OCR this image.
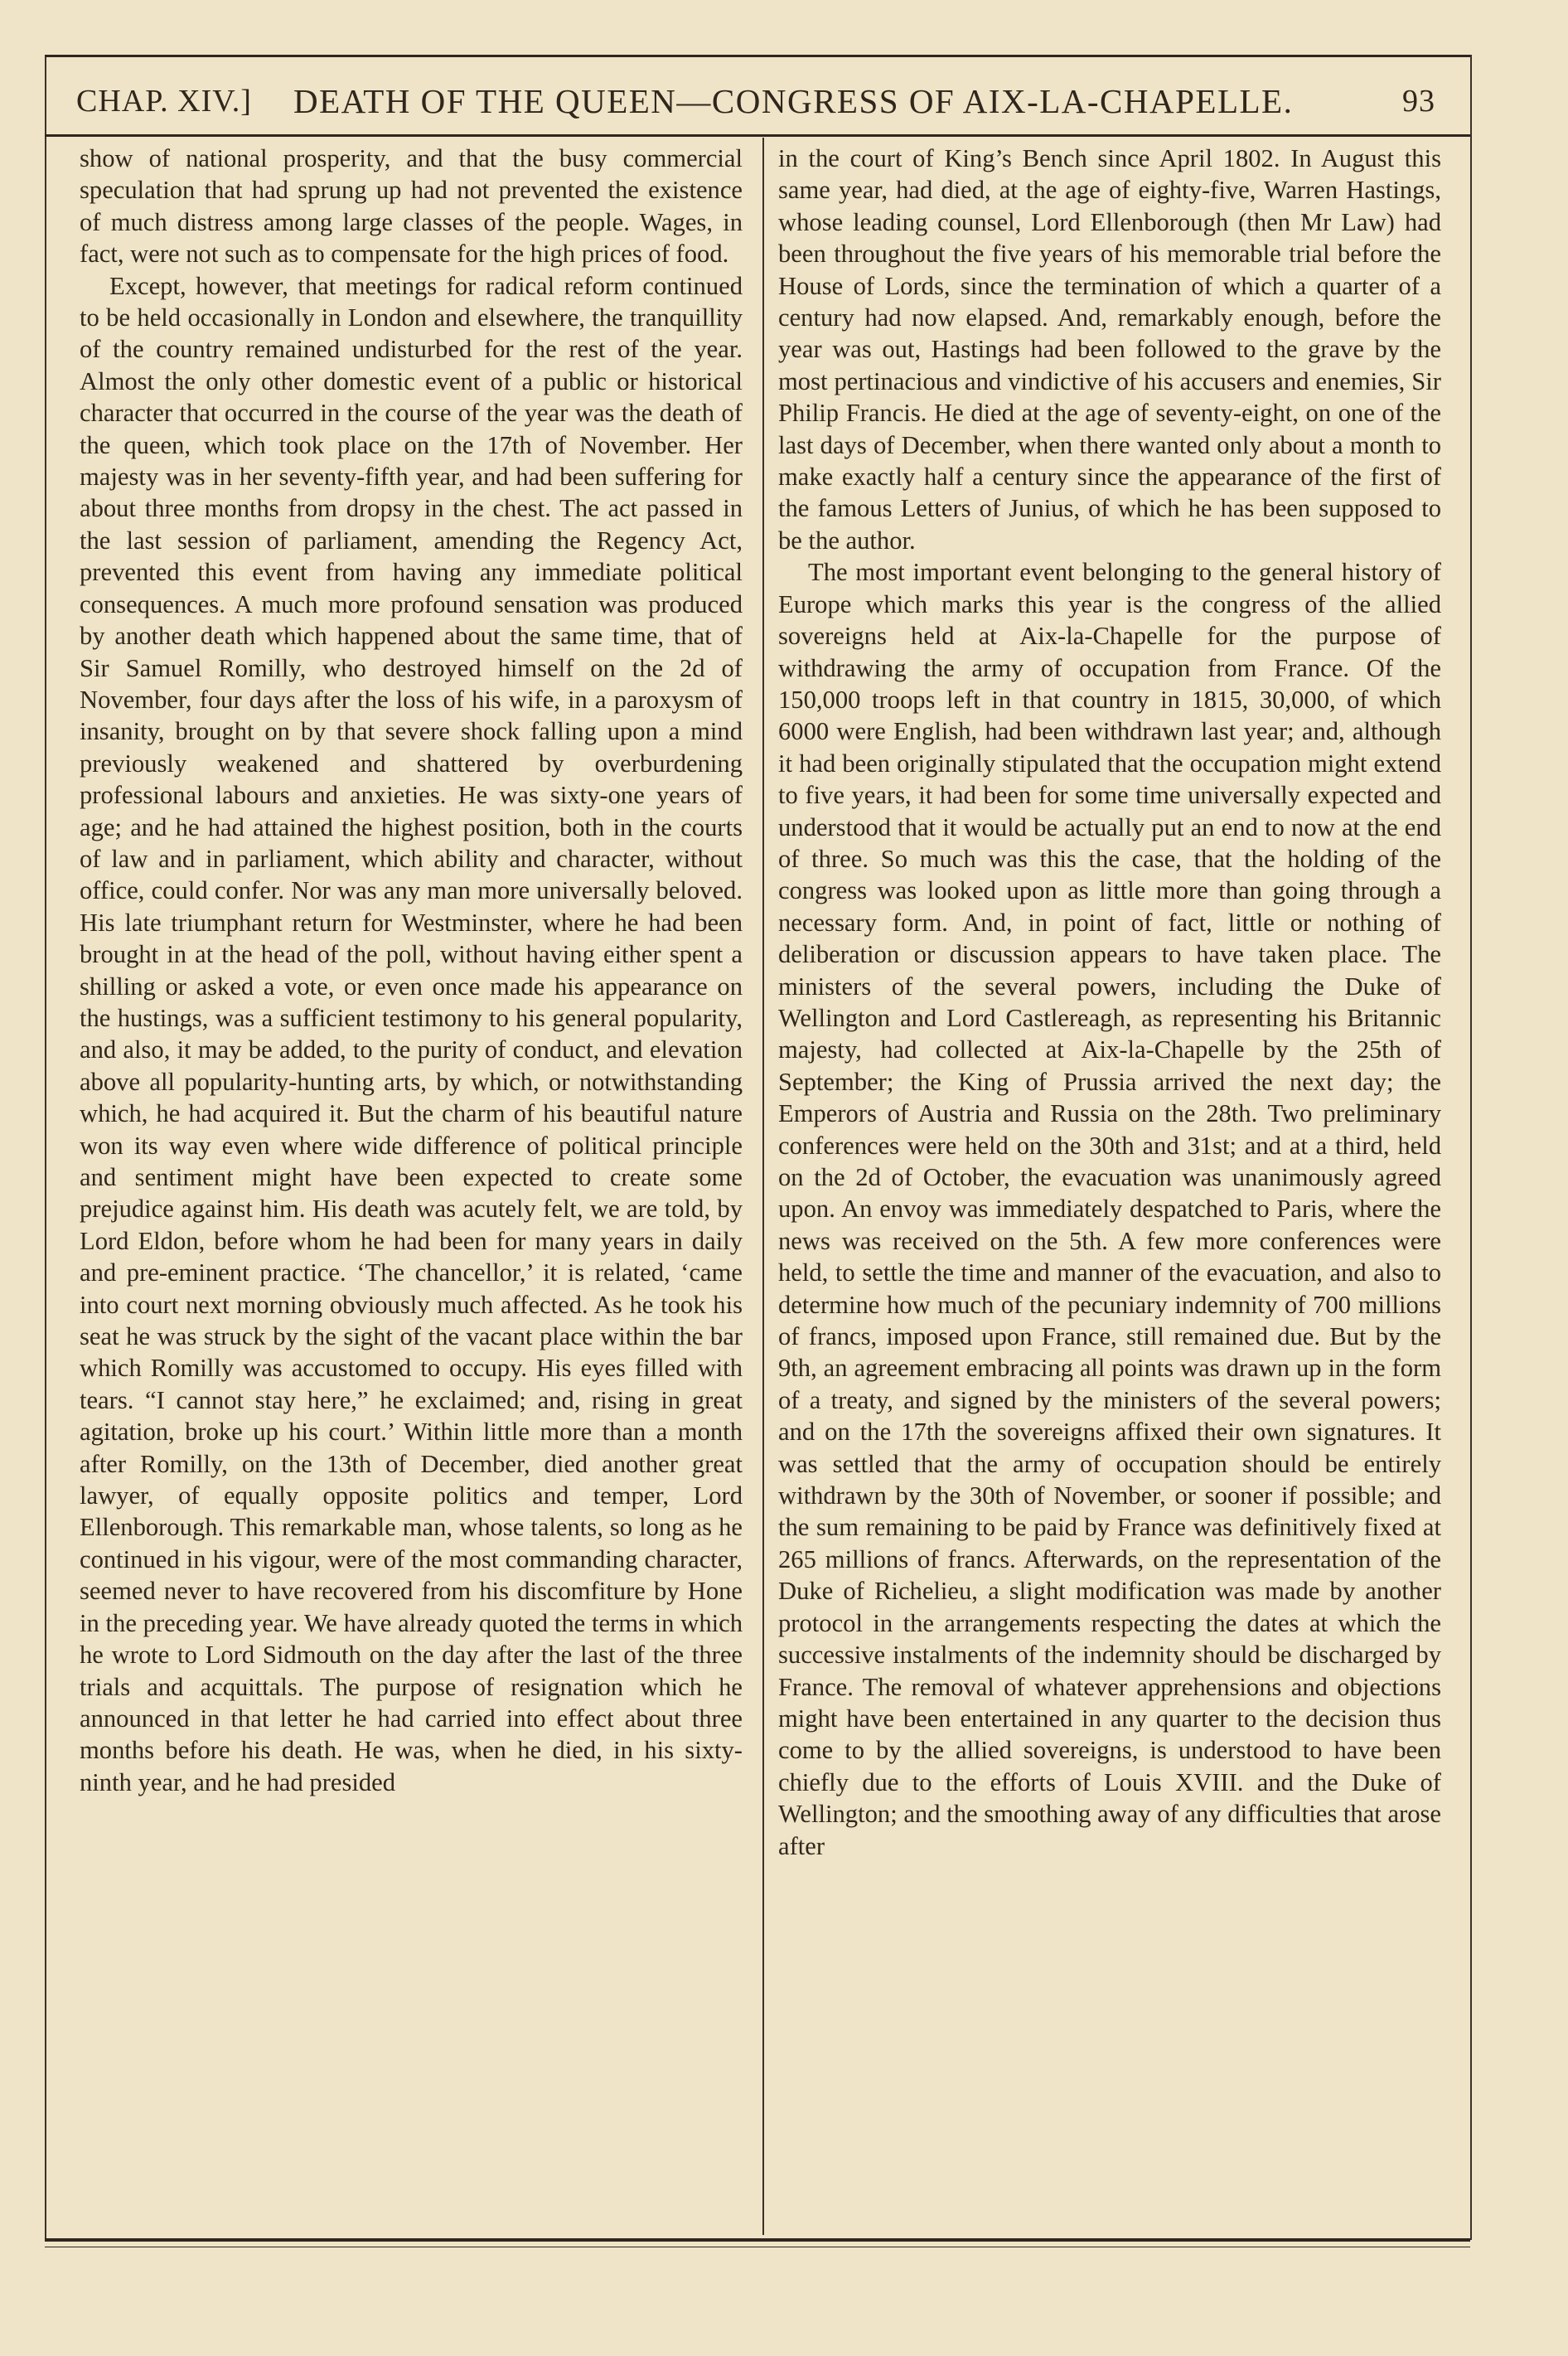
CHAP. XIV.] DEATH OF THE QUEEN—CONGRESS OF AIX-LA-CHAPELLE.	93

show of national prosperity, and that the busy commercial speculation that had sprung up had not prevented the existence of much distress among large classes of the people. Wages, in fact, were not such as to compensate for the high prices of food.

Except, however, that meetings for radical reform continued to be held occasionally in London and elsewhere, the tranquillity of the country remained undisturbed for the rest of the year. Almost the only other domestic event of a public or historical character that occurred in the course of the year was the death of the queen, which took place on the 17th of November. Her majesty was in her seventy-fifth year, and had been suffering for about three months from dropsy in the chest. The act passed in the last session of parliament, amending the Regency Act, prevented this event from having any immediate political consequences. A much more profound sensation was produced by another death which happened about the same time, that of Sir Samuel Romilly, who destroyed himself on the 2d of November, four days after the loss of his wife, in a paroxysm of insanity, brought on by that severe shock falling upon a mind previously weakened and shattered by overburdening professional labours and anxieties. He was sixty-one years of age; and he had attained the highest position, both in the courts of law and in parliament, which ability and character, without office, could confer. Nor was any man more universally beloved. His late triumphant return for Westminster, where he had been brought in at the head of the poll, without having either spent a shilling or asked a vote, or even once made his appearance on the hustings, was a sufficient testimony to his general popularity, and also, it may be added, to the purity of conduct, and elevation above all popularity-hunting arts, by which, or notwithstanding which, he had acquired it. But the charm of his beautiful nature won its way even where wide difference of political principle and sentiment might have been expected to create some prejudice against him. His death was acutely felt, we are told, by Lord Eldon, before whom he had been for many years in daily and pre-eminent practice. ‘The chancellor,’ it is related, ‘came into court next morning obviously much affected. As he took his seat he was struck by the sight of the vacant place within the bar which Romilly was accustomed to occupy. His eyes filled with tears. “I cannot stay here,” he exclaimed; and, rising in great agitation, broke up his court.’ Within little more than a month after Romilly, on the 13th of December, died another great lawyer, of equally opposite politics and temper, Lord Ellenborough. This remarkable man, whose talents, so long as he continued in his vigour, were of the most commanding character, seemed never to have recovered from his discomfiture by Hone in the preceding year. We have already quoted the terms in which he wrote to Lord Sidmouth on the day after the last of the three trials and acquittals. The purpose of resignation which he announced in that letter he had carried into effect about three months before his death. He was, when he died, in his sixty-ninth year, and he had presided

in the court of King’s Bench since April 1802. In August this same year, had died, at the age of eighty-five, Warren Hastings, whose leading counsel, Lord Ellenborough (then Mr Law) had been throughout the five years of his memorable trial before the House of Lords, since the termination of which a quarter of a century had now elapsed. And, remarkably enough, before the year was out, Hastings had been followed to the grave by the most pertinacious and vindictive of his accusers and enemies, Sir Philip Francis. He died at the age of seventy-eight, on one of the last days of December, when there wanted only about a month to make exactly half a century since the appearance of the first of the famous Letters of Junius, of which he has been supposed to be the author.

The most important event belonging to the general history of Europe which marks this year is the congress of the allied sovereigns held at Aix-la-Chapelle for the purpose of withdrawing the army of occupation from France. Of the 150,000 troops left in that country in 1815, 30,000, of which 6000 were English, had been withdrawn last year; and, although it had been originally stipulated that the occupation might extend to five years, it had been for some time universally expected and understood that it would be actually put an end to now at the end of three. So much was this the case, that the holding of the congress was looked upon as little more than going through a necessary form. And, in point of fact, little or nothing of deliberation or discussion appears to have taken place. The ministers of the several powers, including the Duke of Wellington and Lord Castlereagh, as representing his Britannic majesty, had collected at Aix-la-Chapelle by the 25th of September; the King of Prussia arrived the next day; the Emperors of Austria and Russia on the 28th. Two preliminary conferences were held on the 30th and 31st; and at a third, held on the 2d of October, the evacuation was unanimously agreed upon. An envoy was immediately despatched to Paris, where the news was received on the 5th. A few more conferences were held, to settle the time and manner of the evacuation, and also to determine how much of the pecuniary indemnity of 700 millions of francs, imposed upon France, still remained due. But by the 9th, an agreement embracing all points was drawn up in the form of a treaty, and signed by the ministers of the several powers; and on the 17th the sovereigns affixed their own signatures. It was settled that the army of occupation should be entirely withdrawn by the 30th of November, or sooner if possible; and the sum remaining to be paid by France was definitively fixed at 265 millions of francs. Afterwards, on the representation of the Duke of Richelieu, a slight modification was made by another protocol in the arrangements respecting the dates at which the successive instalments of the indemnity should be discharged by France. The removal of whatever apprehensions and objections might have been entertained in any quarter to the decision thus come to by the allied sovereigns, is understood to have been chiefly due to the efforts of Louis XVIII. and the Duke of Wellington; and the smoothing away of any difficulties that arose after
